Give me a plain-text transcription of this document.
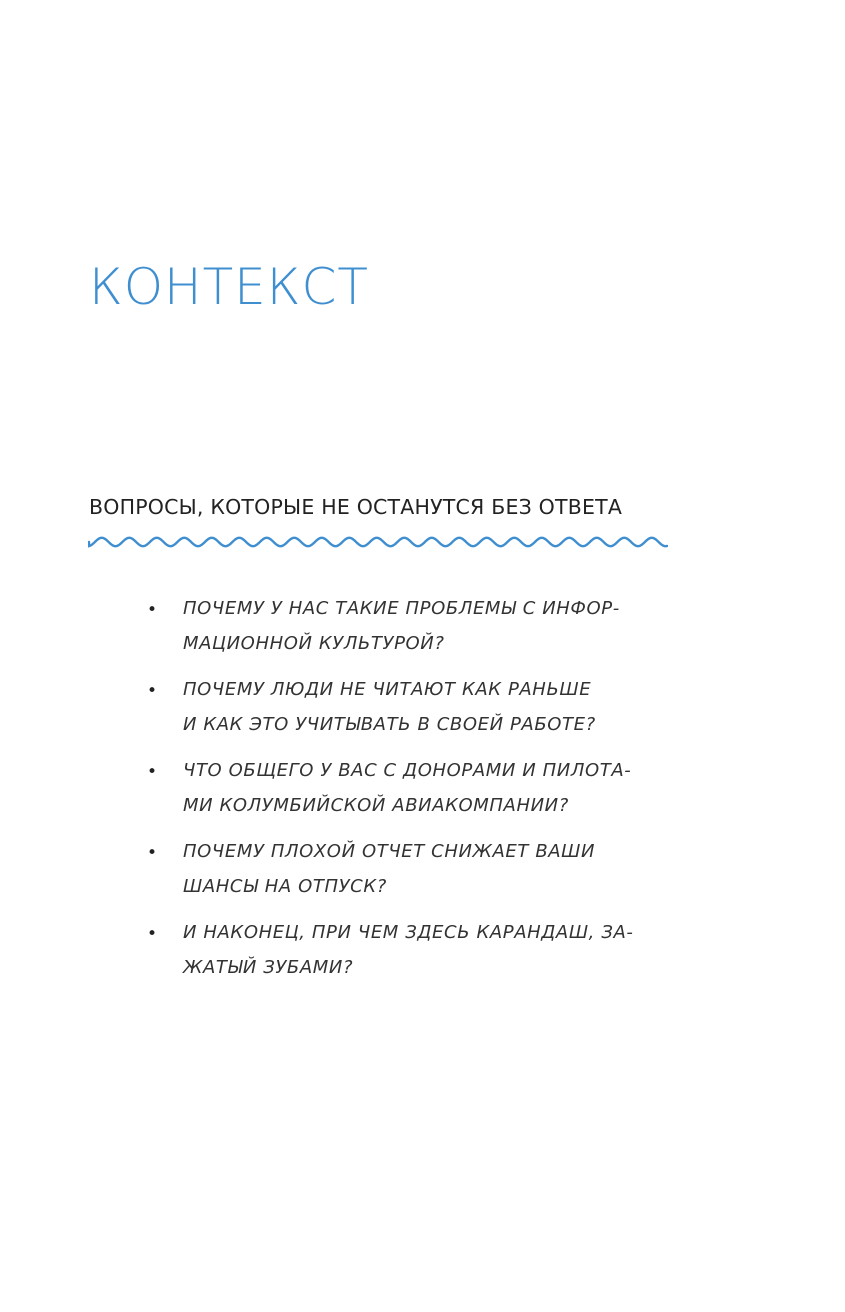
КОНТЕКСТ
ВОПРОСЫ, КОТОРЫЕ НЕ ОСТАНУТСЯ БЕЗ ОТВЕТА
• ПОЧЕМУ У НАС ТАКИЕ ПРОБЛЕМЫ С ИНФОР-
МАЦИОННОЙ КУЛЬТУРОЙ?
• ПОЧЕМУ ЛЮДИ НЕ ЧИТАЮТ КАК РАНЬШЕ
И КАК ЭТО УЧИТЫВАТЬ В СВОЕЙ РАБОТЕ?
• ЧТО ОБЩЕГО У ВАС С ДОНОРАМИ И ПИЛОТА-
МИ КОЛУМБИЙСКОЙ АВИАКОМПАНИИ?
• ПОЧЕМУ ПЛОХОЙ ОТЧЕТ СНИЖАЕТ ВАШИ
ШАНСЫ НА ОТПУСК?
• И НАКОНЕЦ, ПРИ ЧЕМ ЗДЕСЬ КАРАНДАШ, ЗА-
ЖАТЫЙ ЗУБАМИ?
